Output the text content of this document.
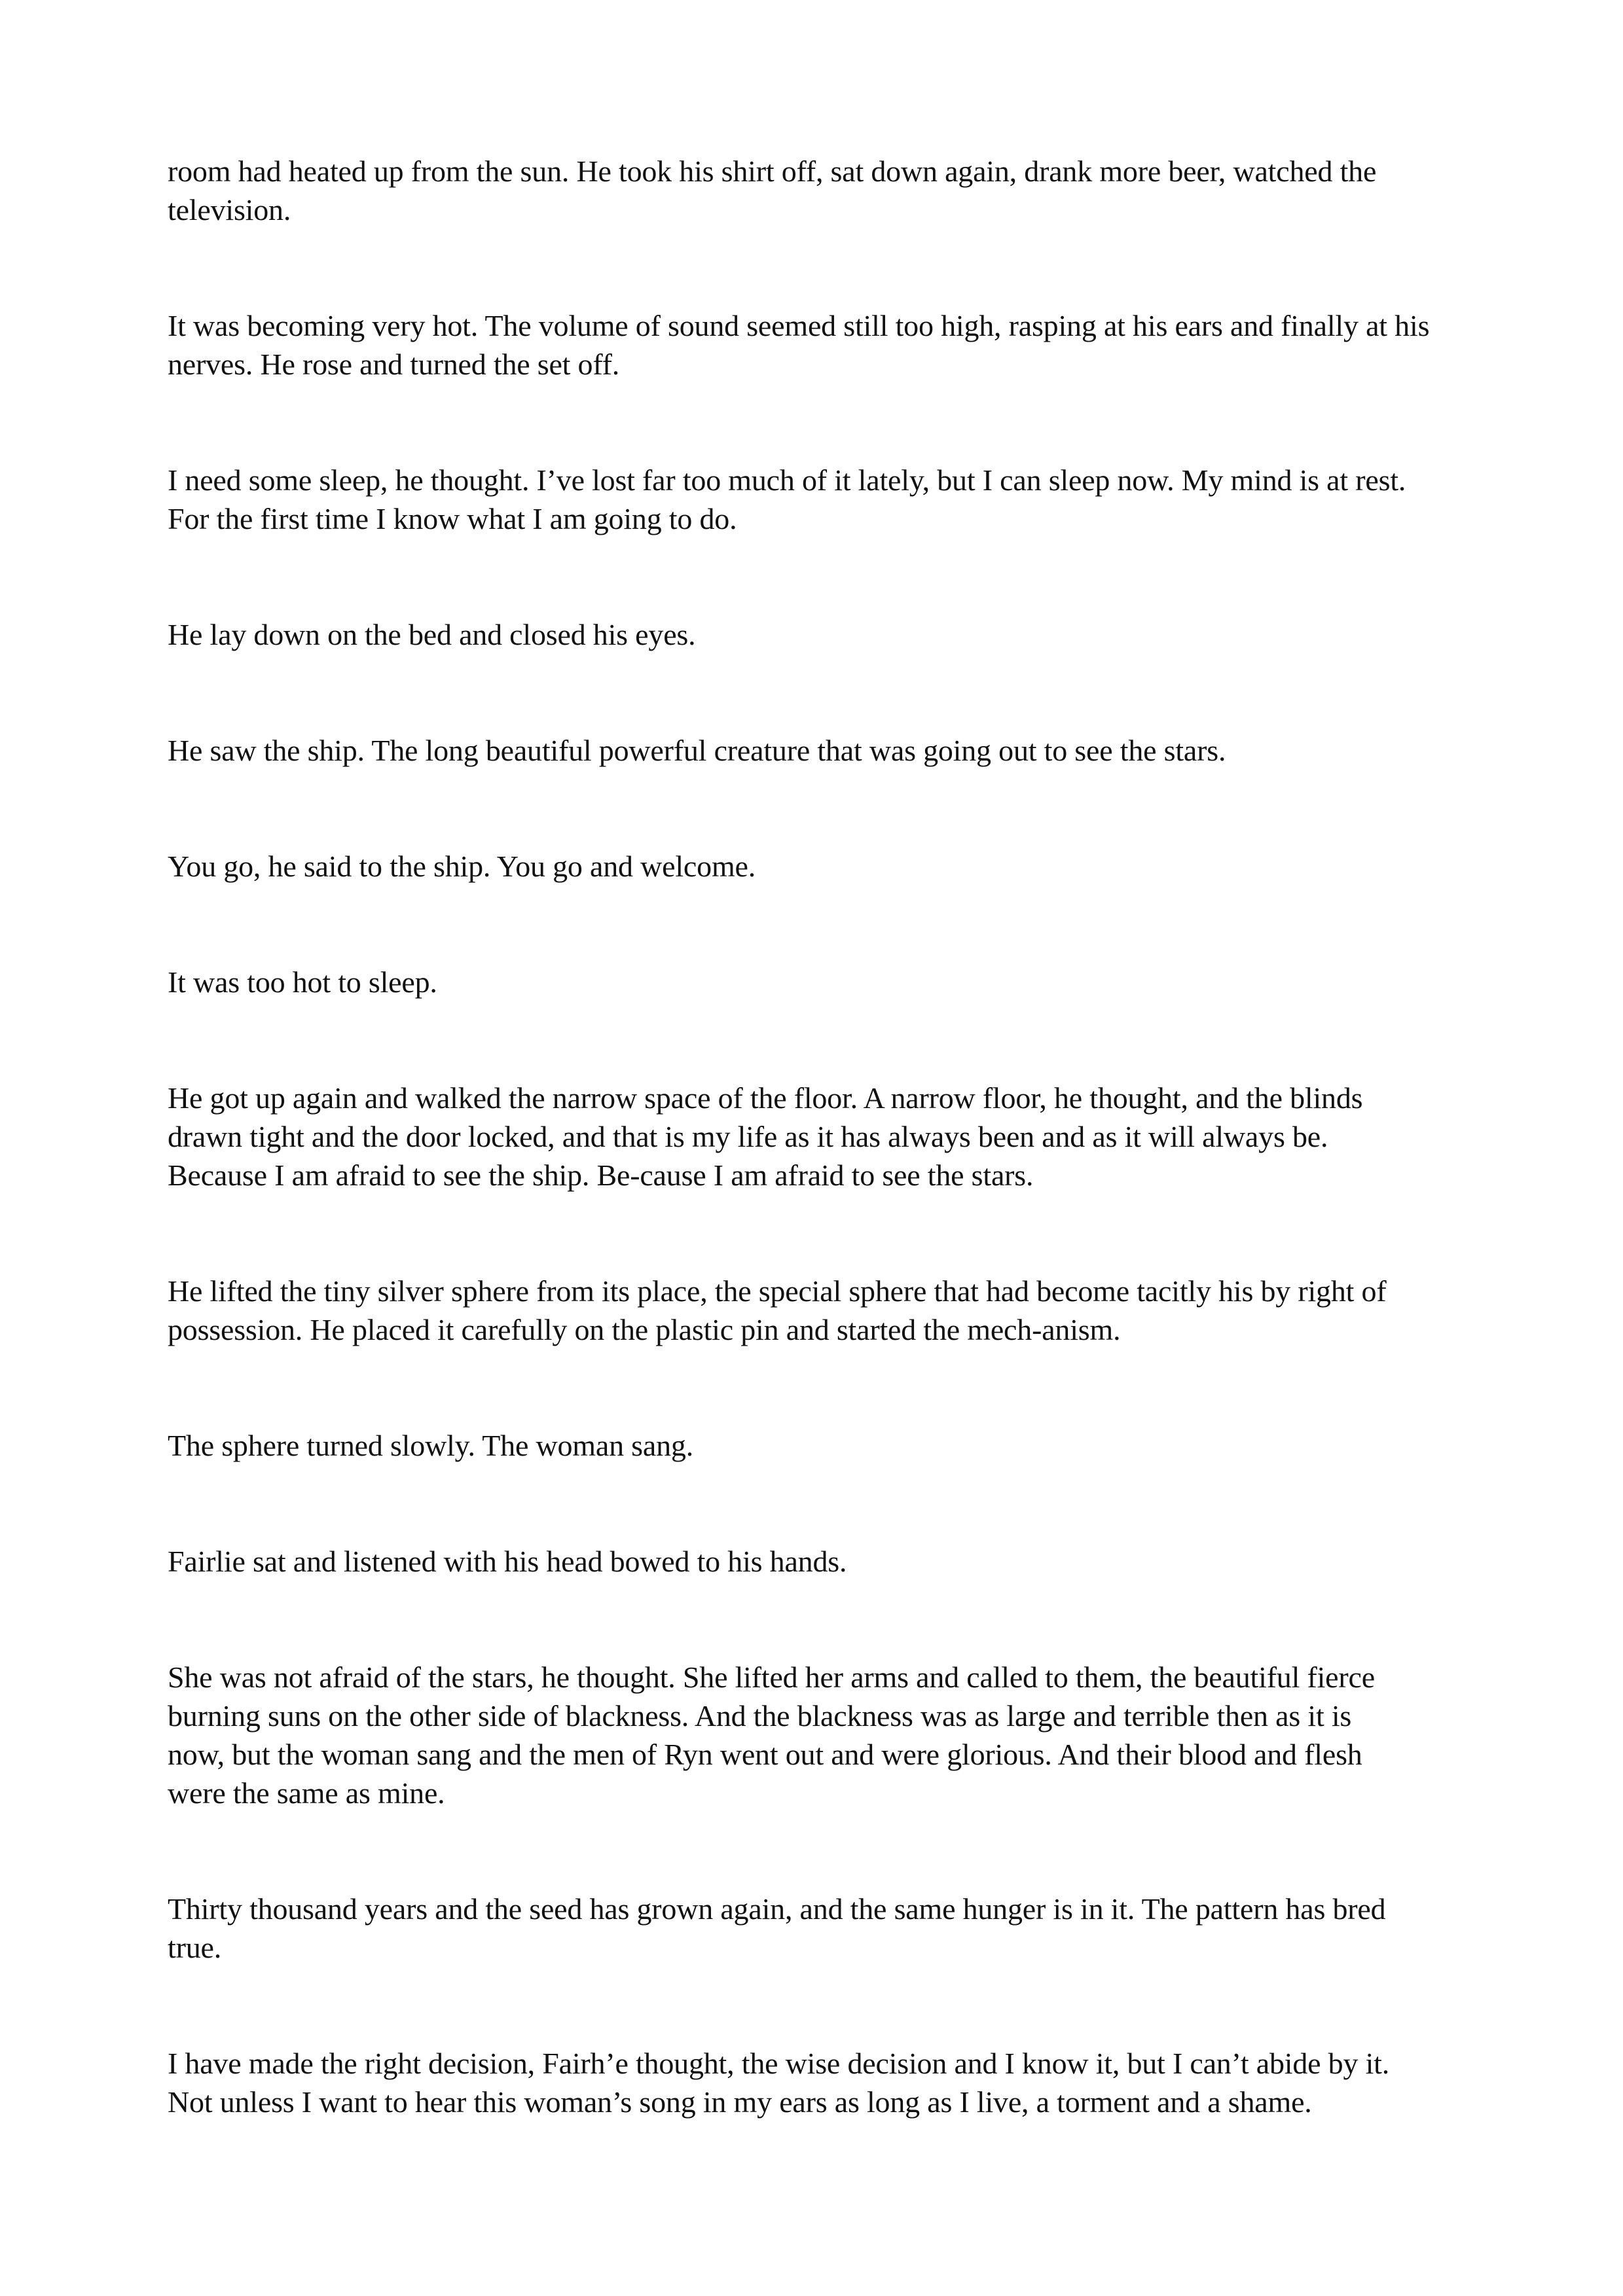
room had heated up from the sun. He took his shirt off, sat down again, drank more beer, watched the
television.

It was becoming very hot. The volume of sound seemed still too high, rasping at his ears and finally at his
nerves. He rose and turned the set off.

I need some sleep, he thought. I’ve lost far too much of it lately, but I can sleep now. My mind is at rest.
For the first time I know what I am going to do.

He lay down on the bed and closed his eyes.

He saw the ship. The long beautiful powerful creature that was going out to see the stars.

You go, he said to the ship. You go and welcome.

It was too hot to sleep.

He got up again and walked the narrow space of the floor. A narrow floor, he thought, and the blinds
drawn tight and the door locked, and that is my life as it has always been and as it will always be.
Because I am afraid to see the ship. Be-cause I am afraid to see the stars.

He lifted the tiny silver sphere from its place, the special sphere that had become tacitly his by right of
possession. He placed it carefully on the plastic pin and started the mech-anism.

The sphere turned slowly. The woman sang.

Fairlie sat and listened with his head bowed to his hands.

She was not afraid of the stars, he thought. She lifted her arms and called to them, the beautiful fierce
burning suns on the other side of blackness. And the blackness was as large and terrible then as it is
now, but the woman sang and the men of Ryn went out and were glorious. And their blood and flesh
were the same as mine.

Thirty thousand years and the seed has grown again, and the same hunger is in it. The pattern has bred
true.

I have made the right decision, Fairh’e thought, the wise decision and I know it, but I can’t abide by it.
Not unless I want to hear this woman’s song in my ears as long as I live, a torment and a shame.
